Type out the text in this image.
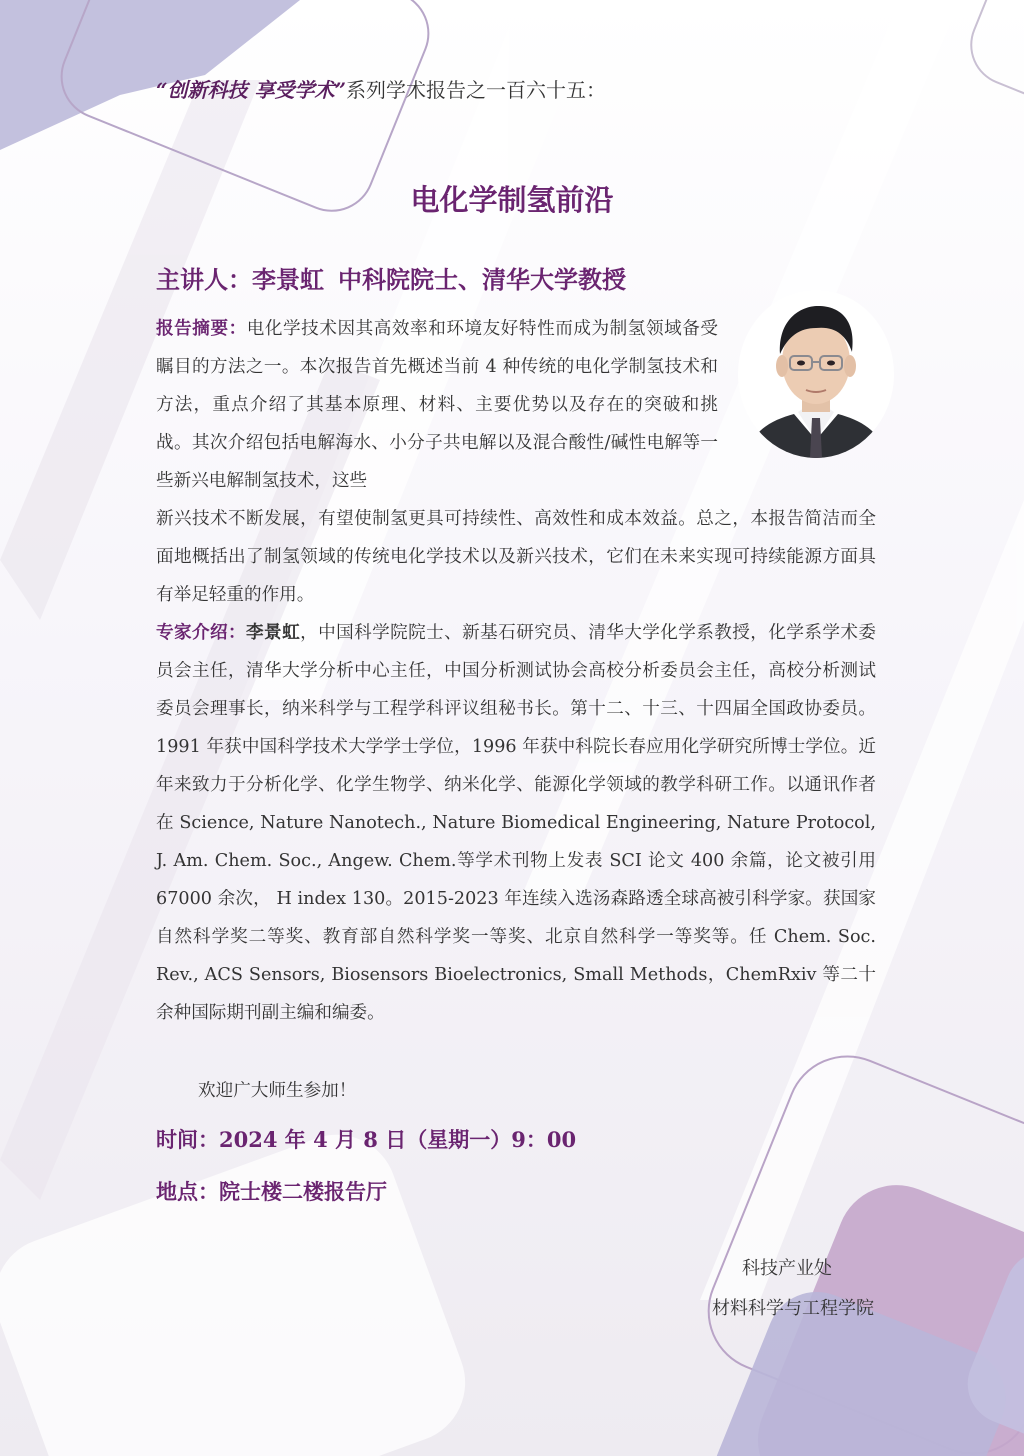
“创新科技 享受学术”系列学术报告之一百六十五：

电化学制氢前沿

主讲人：李景虹 中科院院士、清华大学教授

报告摘要：电化学技术因其高效率和环境友好特性而成为制氢领域备受瞩目的方法之一。本次报告首先概述当前 4 种传统的电化学制氢技术和方法，重点介绍了其基本原理、材料、主要优势以及存在的突破和挑战。其次介绍包括电解海水、小分子共电解以及混合酸性/碱性电解等一些新兴电解制氢技术，这些

新兴技术不断发展，有望使制氢更具可持续性、高效性和成本效益。总之，本报告简洁而全面地概括出了制氢领域的传统电化学技术以及新兴技术，它们在未来实现可持续能源方面具有举足轻重的作用。

专家介绍：李景虹，中国科学院院士、新基石研究员、清华大学化学系教授，化学系学术委员会主任，清华大学分析中心主任，中国分析测试协会高校分析委员会主任，高校分析测试委员会理事长，纳米科学与工程学科评议组秘书长。第十二、十三、十四届全国政协委员。1991 年获中国科学技术大学学士学位，1996 年获中科院长春应用化学研究所博士学位。近年来致力于分析化学、化学生物学、纳米化学、能源化学领域的教学科研工作。以通讯作者在 Science, Nature Nanotech., Nature Biomedical Engineering, Nature Protocol, J. Am. Chem. Soc., Angew. Chem.等学术刊物上发表 SCI 论文 400 余篇，论文被引用 67000 余次， H index 130。2015-2023 年连续入选汤森路透全球高被引科学家。获国家自然科学奖二等奖、教育部自然科学奖一等奖、北京自然科学一等奖等。任 Chem. Soc. Rev., ACS Sensors, Biosensors Bioelectronics, Small Methods，ChemRxiv 等二十余种国际期刊副主编和编委。

欢迎广大师生参加！

时间：2024 年 4 月 8 日（星期一）9：00

地点：院士楼二楼报告厅

科技产业处

材料科学与工程学院
